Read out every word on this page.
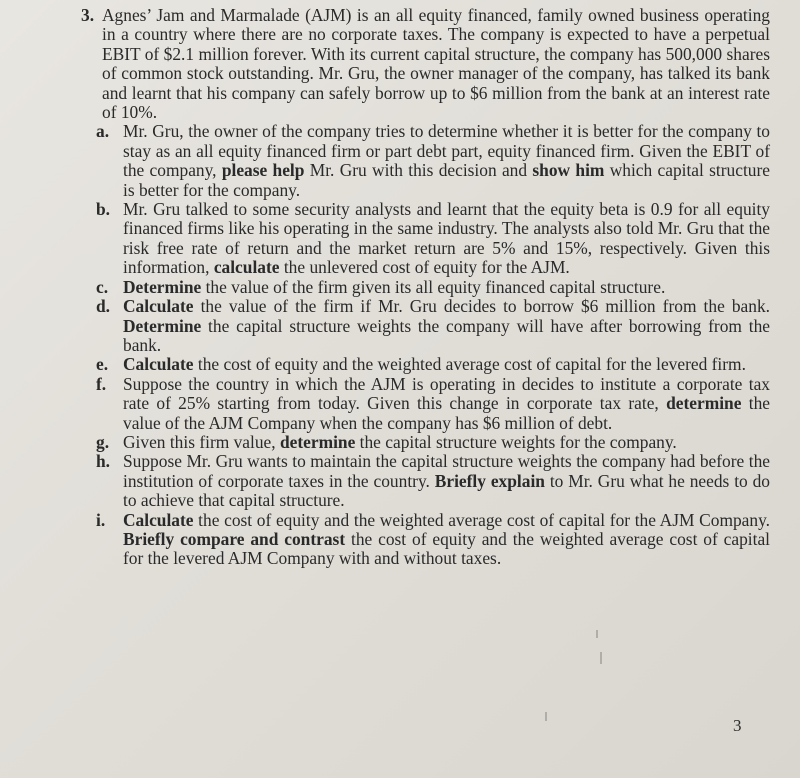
3. Agnes’ Jam and Marmalade (AJM) is an all equity financed, family owned business operating in a country where there are no corporate taxes. The company is expected to have a perpetual EBIT of $2.1 million forever. With its current capital structure, the company has 500,000 shares of common stock outstanding. Mr. Gru, the owner manager of the company, has talked its bank and learnt that his company can safely borrow up to $6 million from the bank at an interest rate of 10%.

a. Mr. Gru, the owner of the company tries to determine whether it is better for the company to stay as an all equity financed firm or part debt part, equity financed firm. Given the EBIT of the company, please help Mr. Gru with this decision and show him which capital structure is better for the company.
b. Mr. Gru talked to some security analysts and learnt that the equity beta is 0.9 for all equity financed firms like his operating in the same industry. The analysts also told Mr. Gru that the risk free rate of return and the market return are 5% and 15%, respectively. Given this information, calculate the unlevered cost of equity for the AJM.
c. Determine the value of the firm given its all equity financed capital structure.
d. Calculate the value of the firm if Mr. Gru decides to borrow $6 million from the bank. Determine the capital structure weights the company will have after borrowing from the bank.
e. Calculate the cost of equity and the weighted average cost of capital for the levered firm.
f. Suppose the country in which the AJM is operating in decides to institute a corporate tax rate of 25% starting from today. Given this change in corporate tax rate, determine the value of the AJM Company when the company has $6 million of debt.
g. Given this firm value, determine the capital structure weights for the company.
h. Suppose Mr. Gru wants to maintain the capital structure weights the company had before the institution of corporate taxes in the country. Briefly explain to Mr. Gru what he needs to do to achieve that capital structure.
i. Calculate the cost of equity and the weighted average cost of capital for the AJM Company. Briefly compare and contrast the cost of equity and the weighted average cost of capital for the levered AJM Company with and without taxes.
3
